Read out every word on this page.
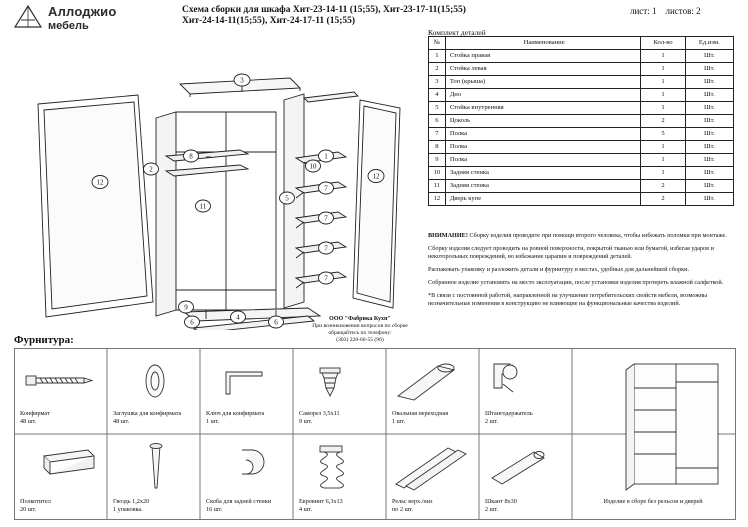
Аллоджио
мебель
Схема сборки для шкафа Хит-23-14-11 (15;55), Хит-23-17-11(15;55)
Хит-24-14-11(15;55), Хит-24-17-11 (15;55)
лист: 1 листов: 2
Комплект деталей
№	Наименование	Кол-во	Ед.изм.
1	Стойка правая	1	Шт.
2	Стойка левая	1	Шт.
3	Топ (крыша)	1	Шт.
4	Дно	1	Шт.
5	Стойка внутренняя	1	Шт.
6	Цоколь	2	Шт.
7	Полка	5	Шт.
8	Полка	1	Шт.
9	Полка	1	Шт.
10	Задняя стенка	1	Шт.
11	Задняя стенка	2	Шт.
12	Дверь купе	2	Шт.

ВНИМАНИЕ! Сборку изделия проводите при помощи второго человека, чтобы избежать поломки при монтаже.

Сборку изделия следует проводить на ровной поверхности, покрытой тканью или бумагой, избегая ударов и некоторольных повреждений, во избежание царапин и повреждений деталей.

Распаковать упаковку и разложить детали и фурнитуру в местах, удобных для дальнейшей сборки.

Собранное изделие установить на место эксплуатации, после установки изделия протереть влажной салфеткой.

*В связи с постоянной работой, направленной на улучшение потребительских свойств мебели, возможны незначительные изменения в конструкцию не влияющие на функциональные качества изделий.

3
12
12
2
8
11
10
1
5
7
7
7
7
9
4
6	6	ООО "Фабрика Кухн"
При возникновении вопросов по сборке
обращайтесь по телефону:
(303) 220-60-55 (96)
Фурнитура:
Конфирмат
48 шт.
Заглушка для конфирмата
48 шт.
Ключ для конфирмата
1 шт.
Саморез 3,5х11
9 шт.
Овальная переходная
1 шт.
Штангодержатель
2 шт.
Полкотител
20 шт.
Гвоздь 1,2х20
1 упаковка.
Скоба для задней стенки
16 шт.
Евровинт 6,3х13
4 шт.
Рельс верх./низ
по 2 шт.
Шкант 8х30
2 шт.
Изделие в сборе без рельсов и дверей
